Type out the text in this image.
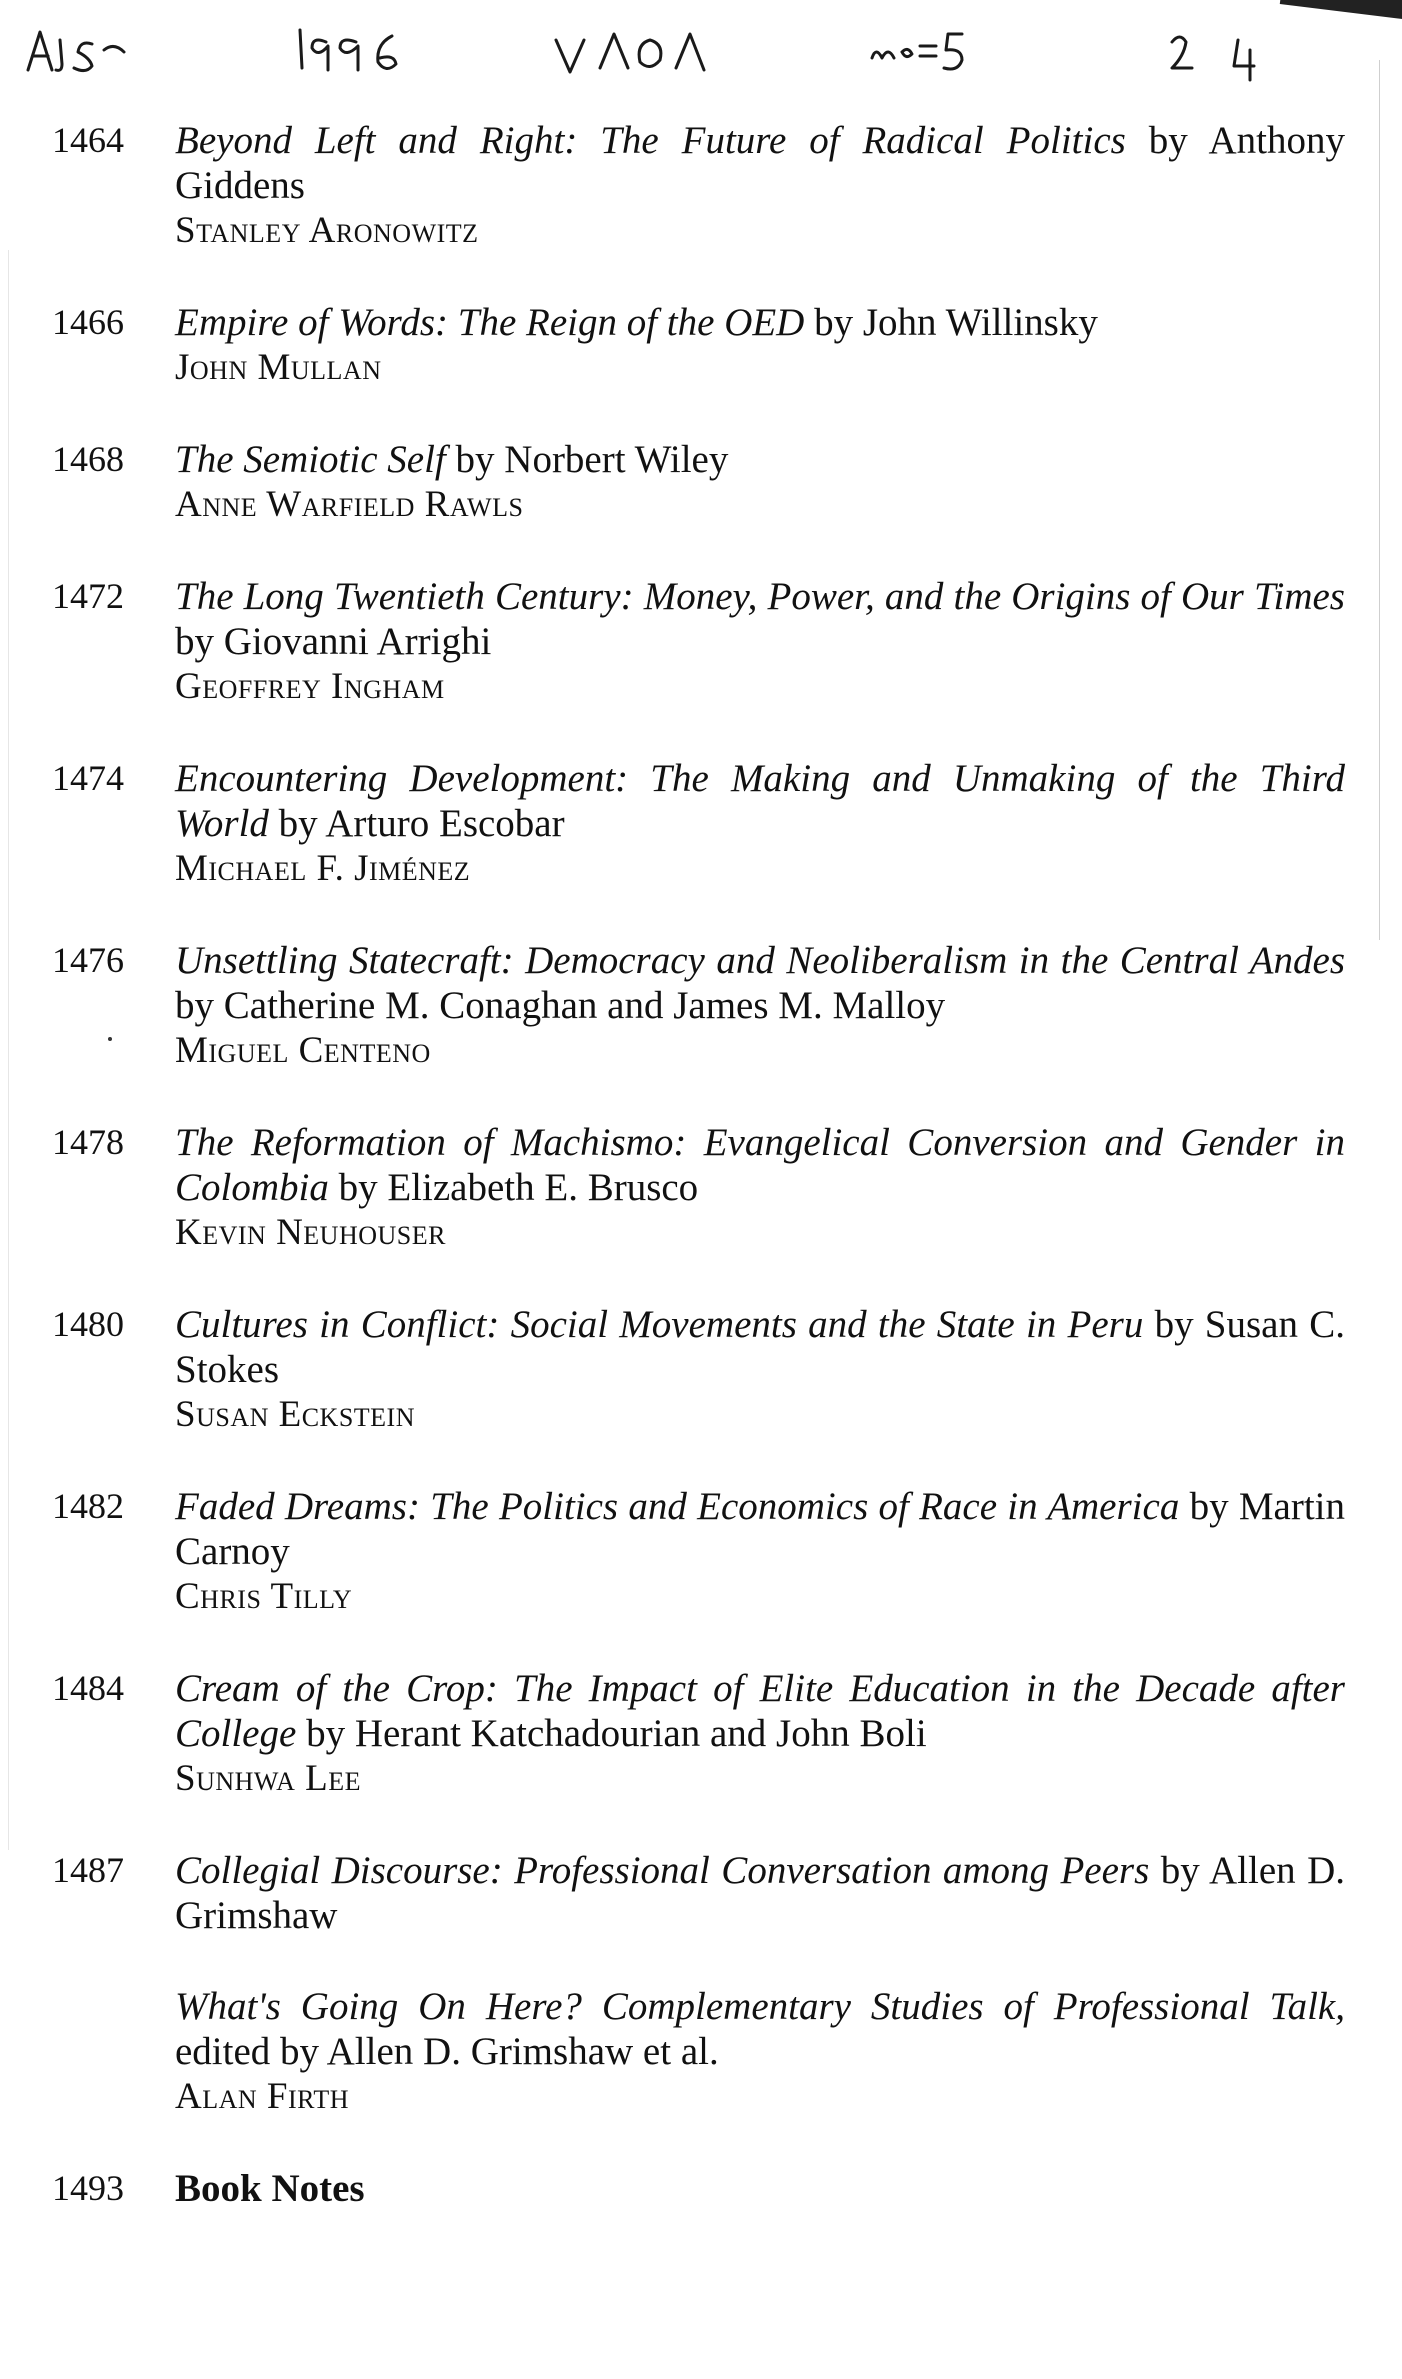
1464 Beyond Left and Right: The Future of Radical Politics by Anthony Giddens
Stanley Aronowitz
1466 Empire of Words: The Reign of the OED by John Willinsky
John Mullan
1468 The Semiotic Self by Norbert Wiley
Anne Warfield Rawls
1472 The Long Twentieth Century: Money, Power, and the Origins of Our Times by Giovanni Arrighi
Geoffrey Ingham
1474 Encountering Development: The Making and Unmaking of the Third World by Arturo Escobar
Michael F. Jiménez
1476 Unsettling Statecraft: Democracy and Neoliberalism in the Central Andes by Catherine M. Conaghan and James M. Malloy
Miguel Centeno
1478 The Reformation of Machismo: Evangelical Conversion and Gender in Colombia by Elizabeth E. Brusco
Kevin Neuhouser
1480 Cultures in Conflict: Social Movements and the State in Peru by Susan C. Stokes
Susan Eckstein
1482 Faded Dreams: The Politics and Economics of Race in America by Martin Carnoy
Chris Tilly
1484 Cream of the Crop: The Impact of Elite Education in the Decade after College by Herant Katchadourian and John Boli
Sunhwa Lee
1487 Collegial Discourse: Professional Conversation among Peers by Allen D. Grimshaw
What's Going On Here? Complementary Studies of Professional Talk, edited by Allen D. Grimshaw et al.
Alan Firth
1493 Book Notes
